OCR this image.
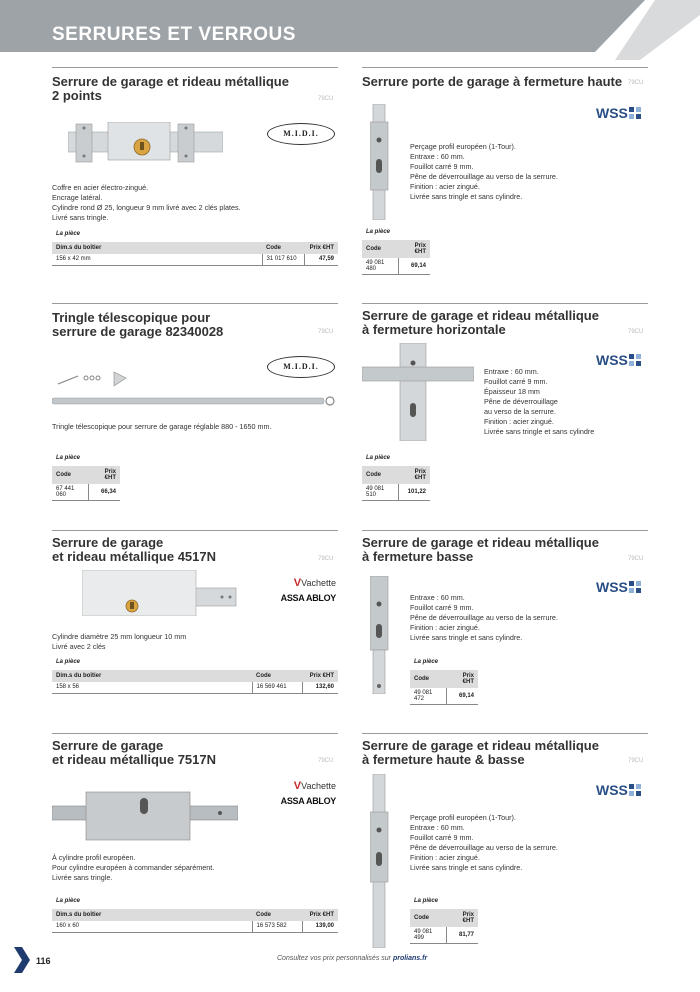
SERRURES ET VERROUS
Serrure de garage et rideau métallique
2 points	79CU
M.I.D.I.
Coffre en acier électro-zingué.
Encrage latéral.
Cylindre rond Ø 25, longueur 9 mm livré avec 2 clés plates.
Livré sans tringle.
La pièce
Dim.s du boîtier	Code	Prix €HT
156 x 42 mm	31 017 610	47,59
Serrure porte de garage à fermeture haute 79CU
WSS
Perçage profil européen (1-Tour).
Entraxe : 60 mm.
Fouillot carré 9 mm.
Pêne de déverrouillage au verso de la serrure.
Finition : acier zingué.
Livrée sans tringle et sans cylindre.
La pièce
Code	Prix €HT
49 081 480	69,14
Tringle télescopique pour
serrure de garage 82340028	79CU
M.I.D.I.
Tringle télescopique pour serrure de garage réglable 880 - 1650 mm.
La pièce
Code	Prix €HT
67 441 060	66,34
Serrure de garage et rideau métallique
à fermeture horizontale	79CU
WSS
Entraxe : 60 mm.
Fouillot carré 9 mm.
Épaisseur 18 mm
Pêne de déverrouillage
au verso de la serrure.
Finition : acier zingué.
Livrée sans tringle et sans cylindre
La pièce
Code	Prix €HT
49 081 510	101,22
Serrure de garage
et rideau métallique 4517N	79CU
VVachette
ASSA ABLOY
Cylindre diamètre 25 mm longueur 10 mm
Livré avec 2 clés
La pièce
Dim.s du boîtier	Code	Prix €HT
158 x 56	16 569 461	132,60
Serrure de garage et rideau métallique
à fermeture basse	79CU
WSS
Entraxe : 60 mm.
Fouillot carré 9 mm.
Pêne de déverrouillage au verso de la serrure.
Finition : acier zingué.
Livrée sans tringle et sans cylindre.
La pièce
Code	Prix €HT
49 081 472	69,14
Serrure de garage
et rideau métallique 7517N	79CU
VVachette
ASSA ABLOY
À cylindre profil européen.
Pour cylindre européen à commander séparément.
Livrée sans tringle.
La pièce
Dim.s du boîtier	Code	Prix €HT
160 x 60	16 573 582	139,00
Serrure de garage et rideau métallique
à fermeture haute & basse	79CU
WSS
Perçage profil européen (1-Tour).
Entraxe : 60 mm.
Fouillot carré 9 mm.
Pêne de déverrouillage au verso de la serrure.
Finition : acier zingué.
Livrée sans tringle et sans cylindre.
La pièce
Code	Prix €HT
49 081 499	81,77
116	Consultez vos prix personnalisés sur prolians.fr
